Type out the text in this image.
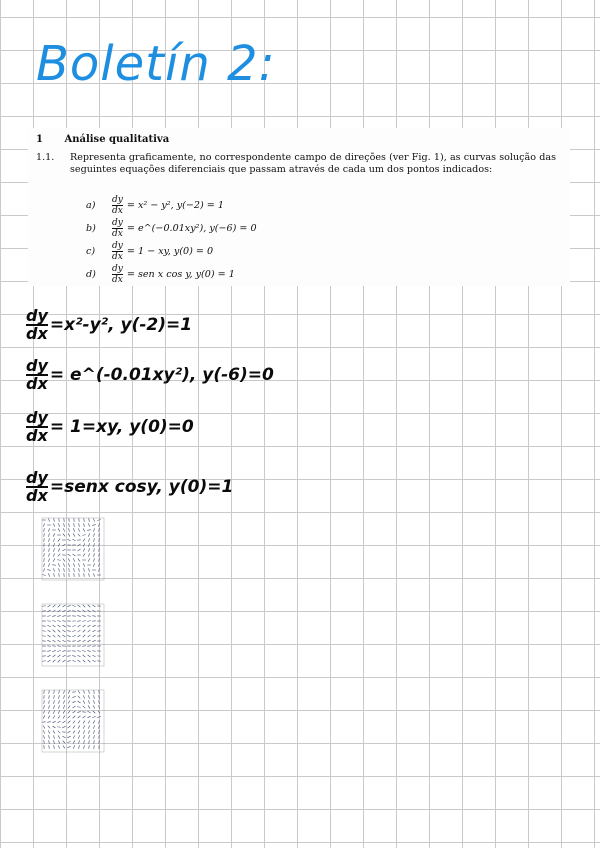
Boletín 2:
1 Análise qualitativa
1.1. Representa graficamente, no correspondente campo de direções (ver Fig. 1), as curvas solução das seguintes equações diferenciais que passam através de cada um dos pontos indicados:
a)	$\frac{dy}{dx} = x^2 - y^2$, y(−2) = 1
b)	$\frac{dy}{dx}$ = e^(−0.01xy²), y(−6) = 0
c)	$\frac{dy}{dx} = 1$ − xy, y(0) = 0
d)	$\frac{dy}{dx}$ = sen x cos y, y(0) = 1
$\frac{dy}{dx} =x^2-y^2$, y(-2)=1
$\frac{dy}{dx}$ = e^(-0.01xy²), y(-6)=0
$\frac{dy}{dx} = 1=xy$, y(0)=0
$\frac{dy}{dx}$ =senx cosy, y(0)=1
